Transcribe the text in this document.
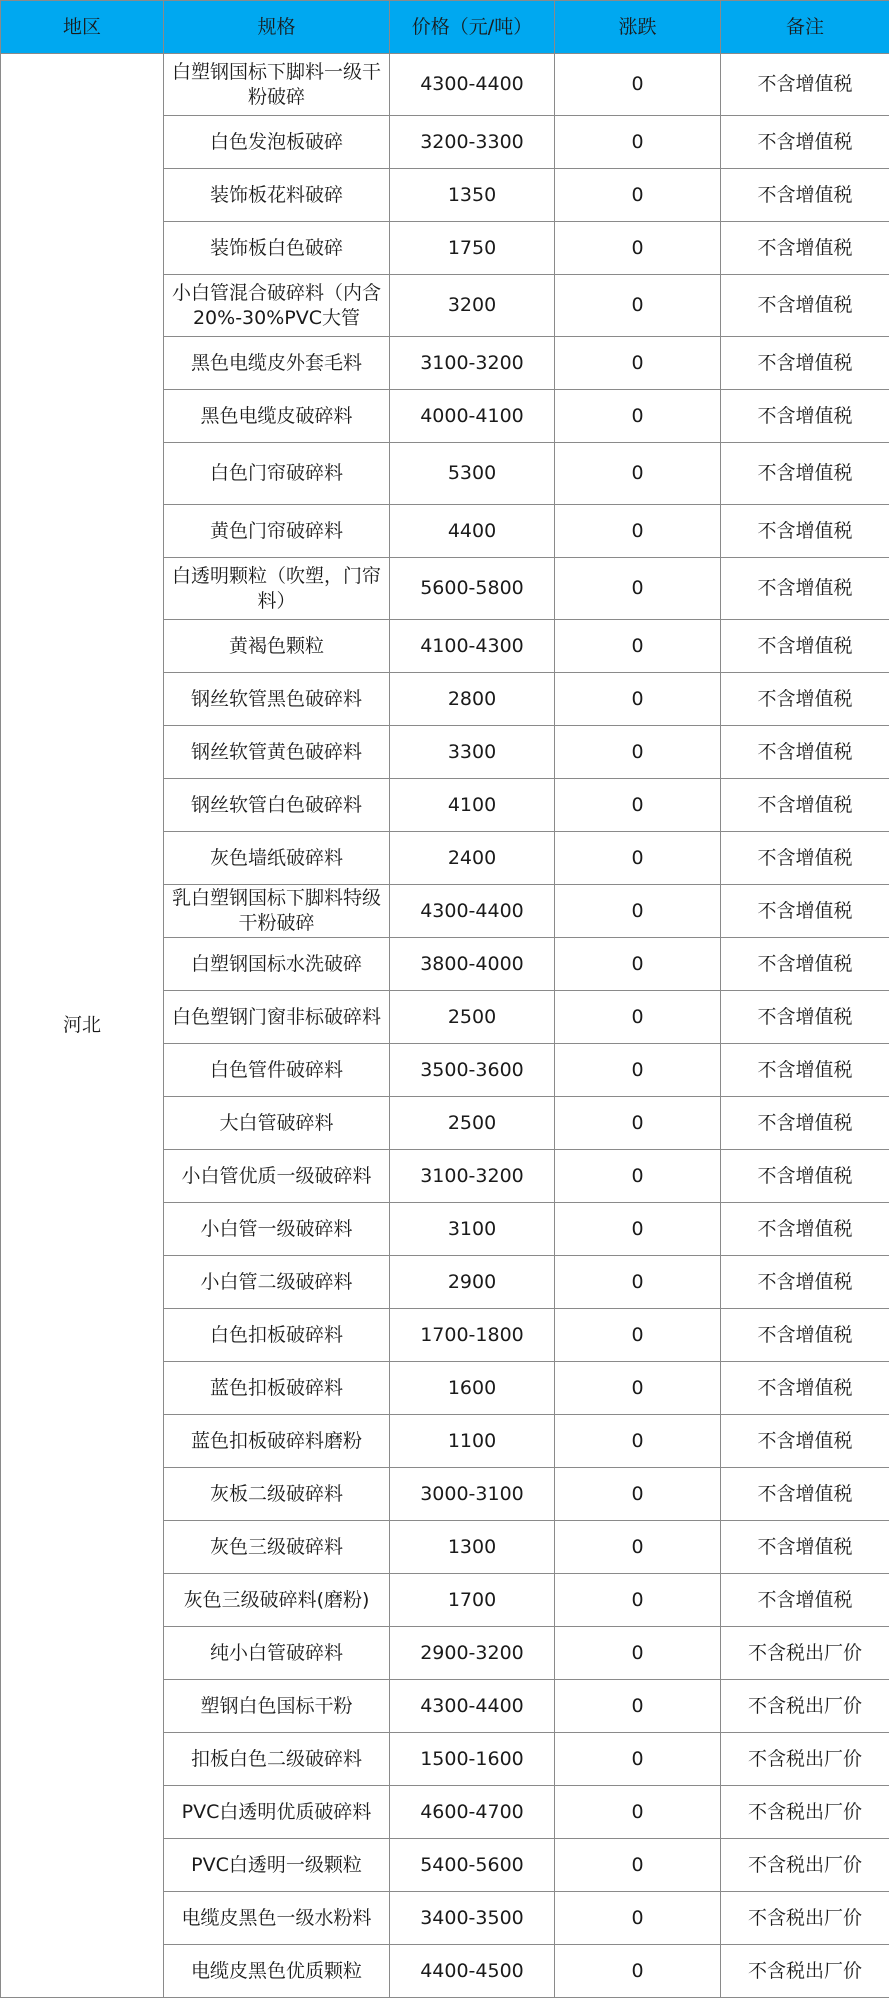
地区	规格	价格（元/吨）	涨跌	备注
河北	白塑钢国标下脚料一级干粉破碎	4300-4400	0	不含增值税
	白色发泡板破碎	3200-3300	0	不含增值税
	装饰板花料破碎	1350	0	不含增值税
	装饰板白色破碎	1750	0	不含增值税
	小白管混合破碎料（内含20%-30%PVC大管	3200	0	不含增值税
	黑色电缆皮外套毛料	3100-3200	0	不含增值税
	黑色电缆皮破碎料	4000-4100	0	不含增值税
	白色门帘破碎料	5300	0	不含增值税
	黄色门帘破碎料	4400	0	不含增值税
	白透明颗粒（吹塑，门帘料）	5600-5800	0	不含增值税
	黄褐色颗粒	4100-4300	0	不含增值税
	钢丝软管黑色破碎料	2800	0	不含增值税
	钢丝软管黄色破碎料	3300	0	不含增值税
	钢丝软管白色破碎料	4100	0	不含增值税
	灰色墙纸破碎料	2400	0	不含增值税
	乳白塑钢国标下脚料特级干粉破碎	4300-4400	0	不含增值税
	白塑钢国标水洗破碎	3800-4000	0	不含增值税
	白色塑钢门窗非标破碎料	2500	0	不含增值税
	白色管件破碎料	3500-3600	0	不含增值税
	大白管破碎料	2500	0	不含增值税
	小白管优质一级破碎料	3100-3200	0	不含增值税
	小白管一级破碎料	3100	0	不含增值税
	小白管二级破碎料	2900	0	不含增值税
	白色扣板破碎料	1700-1800	0	不含增值税
	蓝色扣板破碎料	1600	0	不含增值税
	蓝色扣板破碎料磨粉	1100	0	不含增值税
	灰板二级破碎料	3000-3100	0	不含增值税
	灰色三级破碎料	1300	0	不含增值税
	灰色三级破碎料(磨粉)	1700	0	不含增值税
	纯小白管破碎料	2900-3200	0	不含税出厂价
	塑钢白色国标干粉	4300-4400	0	不含税出厂价
	扣板白色二级破碎料	1500-1600	0	不含税出厂价
	PVC白透明优质破碎料	4600-4700	0	不含税出厂价
	PVC白透明一级颗粒	5400-5600	0	不含税出厂价
	电缆皮黑色一级水粉料	3400-3500	0	不含税出厂价
	电缆皮黑色优质颗粒	4400-4500	0	不含税出厂价
